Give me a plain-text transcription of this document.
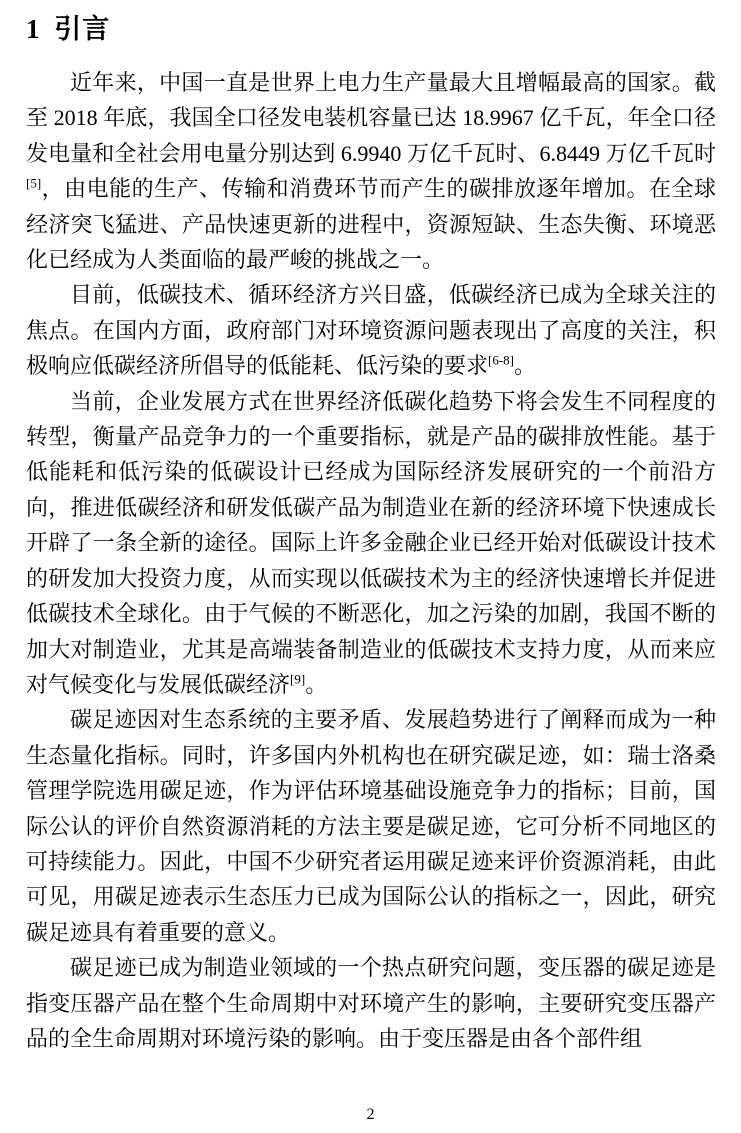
1 引言

近年来，中国一直是世界上电力生产量最大且增幅最高的国家。截至 2018 年底，我国全口径发电装机容量已达 18.9967 亿千瓦，年全口径发电量和全社会用电量分别达到 6.9940 万亿千瓦时、6.8449 万亿千瓦时[5]，由电能的生产、传输和消费环节而产生的碳排放逐年增加。在全球经济突飞猛进、产品快速更新的进程中，资源短缺、生态失衡、环境恶化已经成为人类面临的最严峻的挑战之一。

目前，低碳技术、循环经济方兴日盛，低碳经济已成为全球关注的焦点。在国内方面，政府部门对环境资源问题表现出了高度的关注，积极响应低碳经济所倡导的低能耗、低污染的要求[6-8]。

当前，企业发展方式在世界经济低碳化趋势下将会发生不同程度的转型，衡量产品竞争力的一个重要指标，就是产品的碳排放性能。基于低能耗和低污染的低碳设计已经成为国际经济发展研究的一个前沿方向，推进低碳经济和研发低碳产品为制造业在新的经济环境下快速成长开辟了一条全新的途径。国际上许多金融企业已经开始对低碳设计技术的研发加大投资力度，从而实现以低碳技术为主的经济快速增长并促进低碳技术全球化。由于气候的不断恶化，加之污染的加剧，我国不断的加大对制造业，尤其是高端装备制造业的低碳技术支持力度，从而来应对气候变化与发展低碳经济[9]。

碳足迹因对生态系统的主要矛盾、发展趋势进行了阐释而成为一种生态量化指标。同时，许多国内外机构也在研究碳足迹，如：瑞士洛桑管理学院选用碳足迹，作为评估环境基础设施竞争力的指标；目前，国际公认的评价自然资源消耗的方法主要是碳足迹，它可分析不同地区的可持续能力。因此，中国不少研究者运用碳足迹来评价资源消耗，由此可见，用碳足迹表示生态压力已成为国际公认的指标之一，因此，研究碳足迹具有着重要的意义。

碳足迹已成为制造业领域的一个热点研究问题，变压器的碳足迹是指变压器产品在整个生命周期中对环境产生的影响，主要研究变压器产品的全生命周期对环境污染的影响。由于变压器是由各个部件组

2
